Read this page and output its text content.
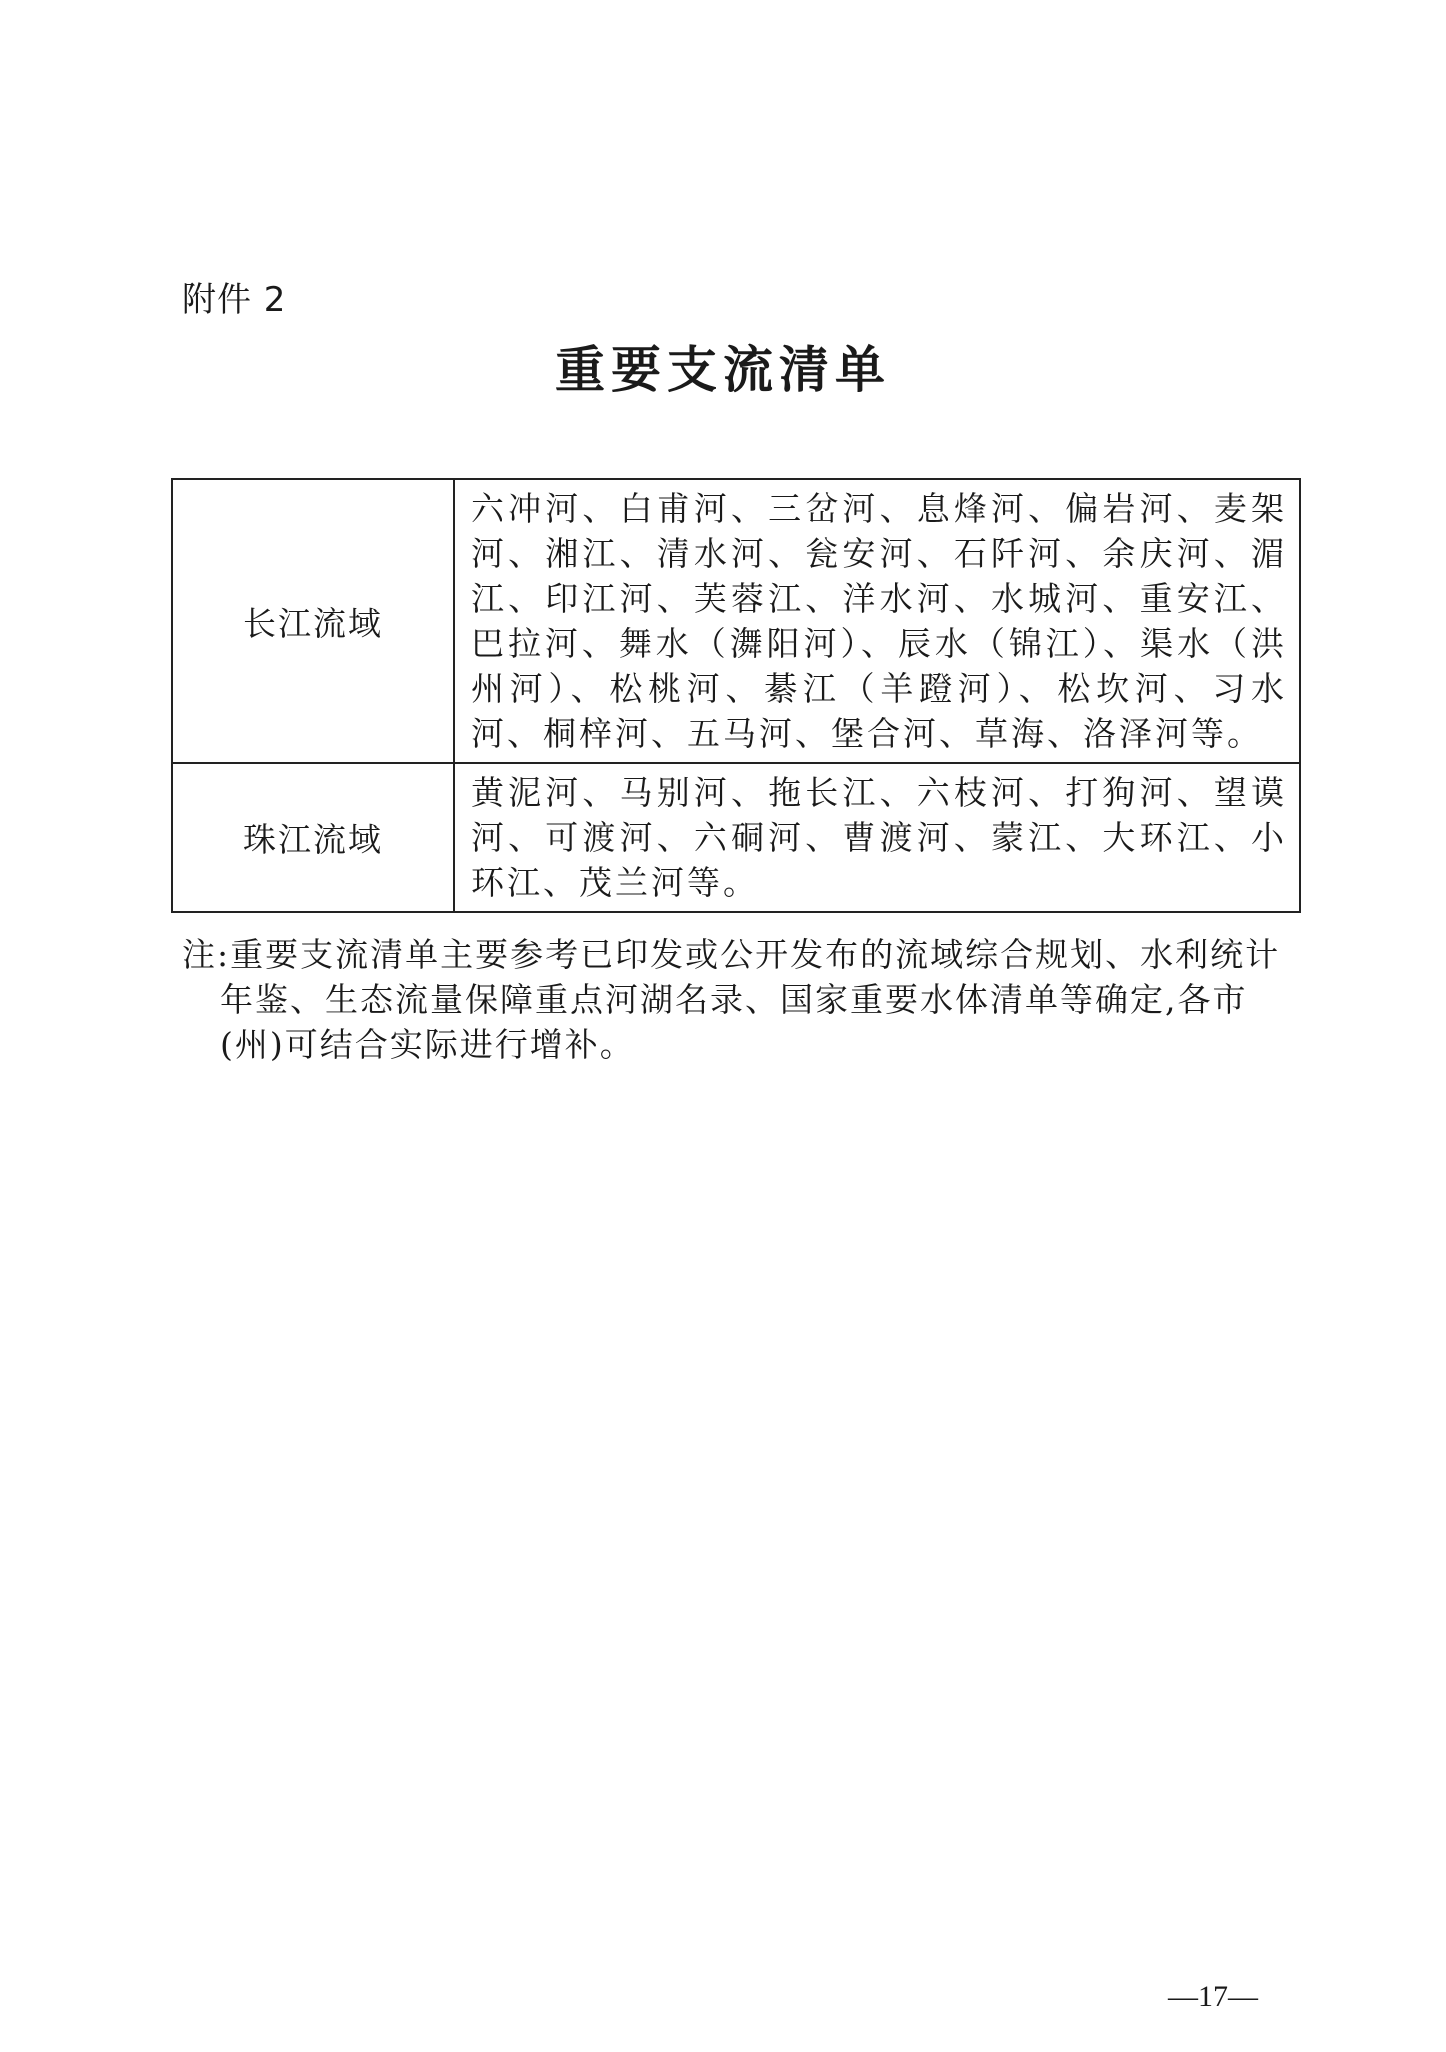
附件 2
重要支流清单
长江流域	六冲河、白甫河、三岔河、息烽河、偏岩河、麦架河、湘江、清水河、瓮安河、石阡河、余庆河、湄江、印江河、芙蓉江、洋水河、水城河、重安江、巴拉河、舞水（㵲阳河）、辰水（锦江）、渠水（洪州河）、松桃河、綦江（羊蹬河）、松坎河、习水河、桐梓河、五马河、堡合河、草海、洛泽河等。
珠江流域	黄泥河、马别河、拖长江、六枝河、打狗河、望谟河、可渡河、六硐河、曹渡河、蒙江、大环江、小环江、茂兰河等。
注:重要支流清单主要参考已印发或公开发布的流域综合规划、水利统计
年鉴、生态流量保障重点河湖名录、国家重要水体清单等确定,各市(州)可结合实际进行增补。
—17—
